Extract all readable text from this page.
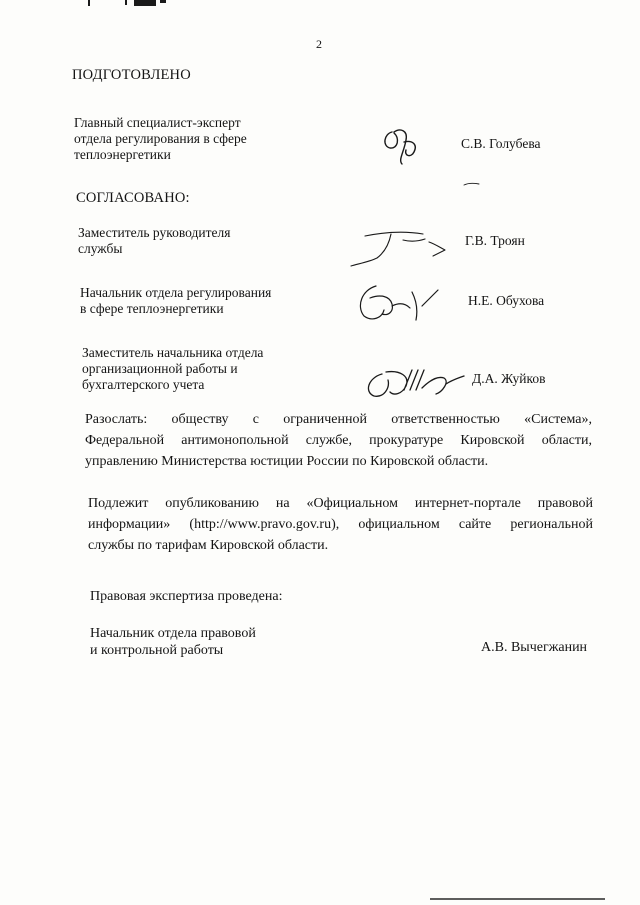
2
ПОДГОТОВЛЕНО
Главный специалист-эксперт
отдела регулирования в сфере
теплоэнергетики
С.В. Голубева
СОГЛАСОВАНО:
Заместитель руководителя
службы
Г.В. Троян
Начальник отдела регулирования
в сфере теплоэнергетики
Н.Е. Обухова
Заместитель начальника отдела
организационной работы и
бухгалтерского учета	Д.А. Жуйков
Разослать: обществу с ограниченной ответственностью «Система»,
Федеральной антимонопольной службе, прокуратуре Кировской области,
управлению Министерства юстиции России по Кировской области.
Подлежит опубликованию на «Официальном интернет-портале правовой
информации» (http://www.pravo.gov.ru), официальном сайте региональной
службы по тарифам Кировской области.
Правовая экспертиза проведена:
Начальник отдела правовой
и контрольной работы	А.В. Вычегжанин
